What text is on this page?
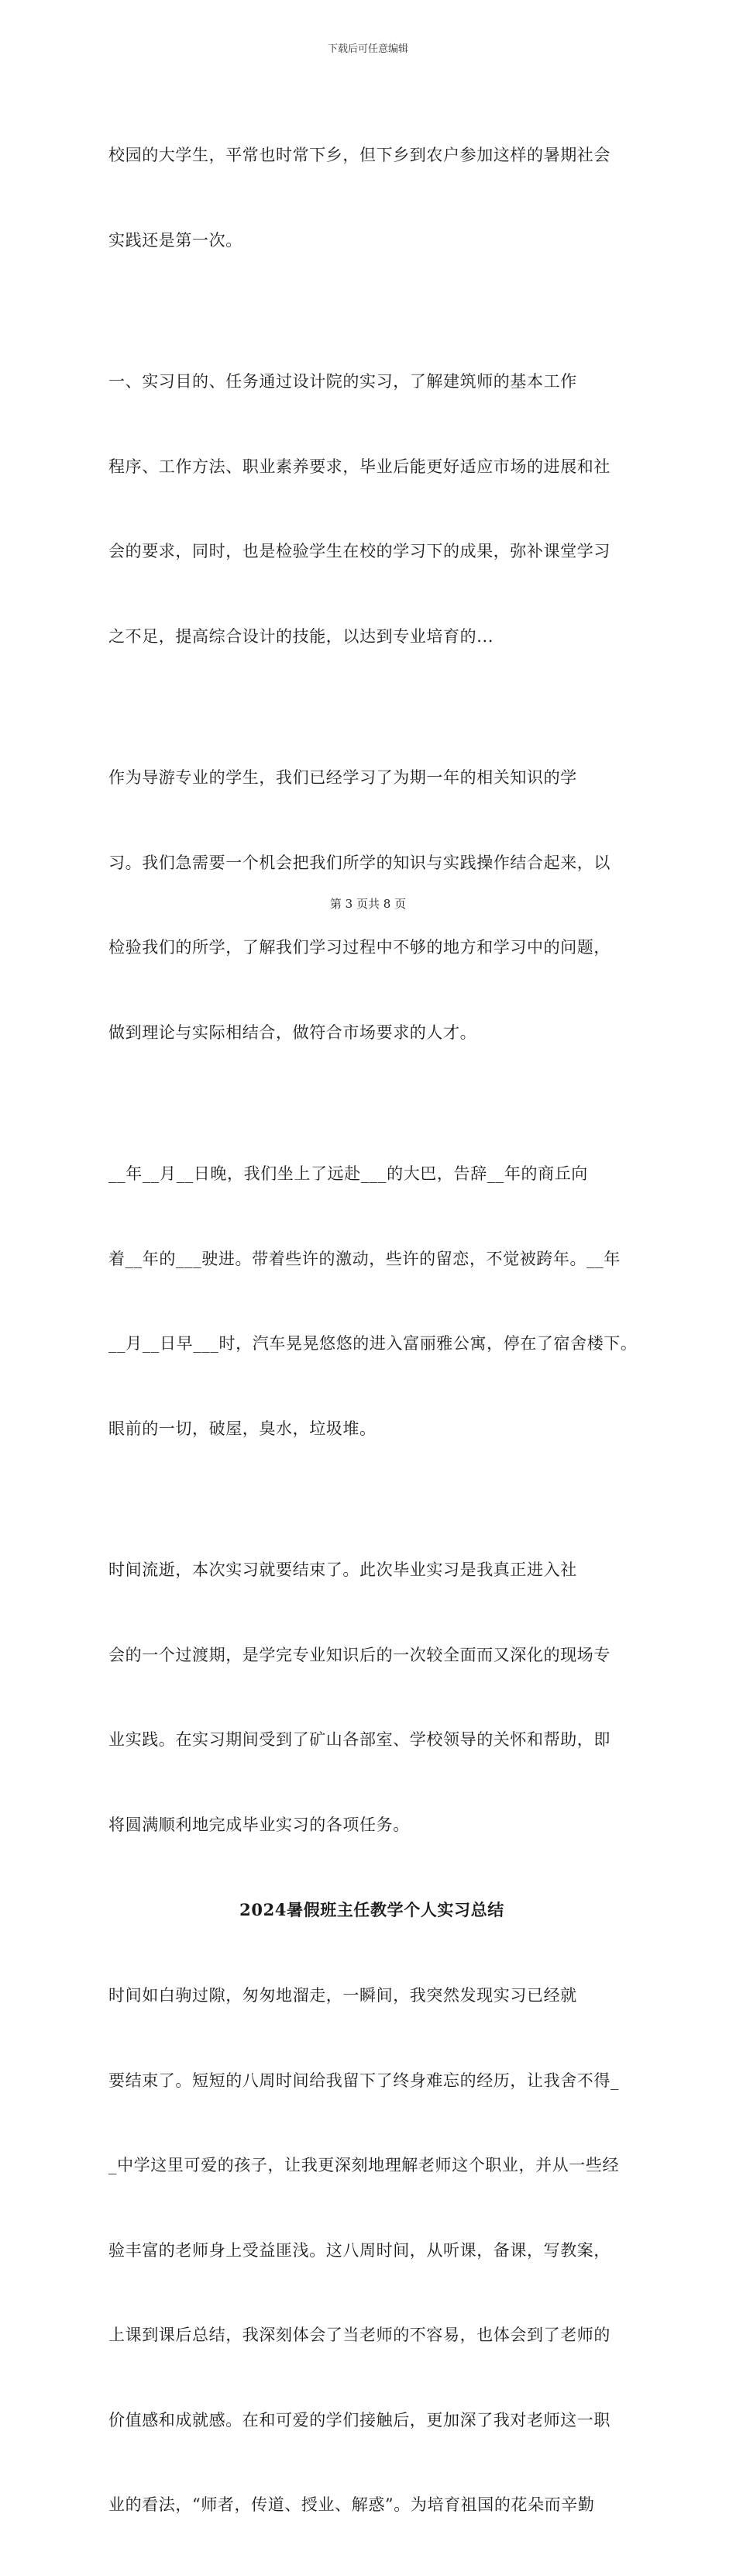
下载后可任意编辑

校园的大学生，平常也时常下乡，但下乡到农户参加这样的暑期社会

实践还是第一次。

一、实习目的、任务通过设计院的实习，了解建筑师的基本工作

程序、工作方法、职业素养要求，毕业后能更好适应市场的进展和社

会的要求，同时，也是检验学生在校的学习下的成果，弥补课堂学习

之不足，提高综合设计的技能，以达到专业培育的...

作为导游专业的学生，我们已经学习了为期一年的相关知识的学

习。我们急需要一个机会把我们所学的知识与实践操作结合起来，以

检验我们的所学，了解我们学习过程中不够的地方和学习中的问题，

做到理论与实际相结合，做符合市场要求的人才。

__年__月__日晚，我们坐上了远赴___的大巴，告辞__年的商丘向

着__年的___驶进。带着些许的激动，些许的留恋，不觉被跨年。__年

__月__日早___时，汽车晃晃悠悠的进入富丽雅公寓，停在了宿舍楼下。

眼前的一切，破屋，臭水，垃圾堆。

时间流逝，本次实习就要结束了。此次毕业实习是我真正进入社

会的一个过渡期，是学完专业知识后的一次较全面而又深化的现场专

业实践。在实习期间受到了矿山各部室、学校领导的关怀和帮助，即

将圆满顺利地完成毕业实习的各项任务。

2024暑假班主任教学个人实习总结

时间如白驹过隙，匆匆地溜走，一瞬间，我突然发现实习已经就

要结束了。短短的八周时间给我留下了终身难忘的经历，让我舍不得_

_中学这里可爱的孩子，让我更深刻地理解老师这个职业，并从一些经

验丰富的老师身上受益匪浅。这八周时间，从听课，备课，写教案，

上课到课后总结，我深刻体会了当老师的不容易，也体会到了老师的

价值感和成就感。在和可爱的学们接触后，更加深了我对老师这一职

业的看法，“师者，传道、授业、解惑”。为培育祖国的花朵而辛勤

第 3 页共 8 页
